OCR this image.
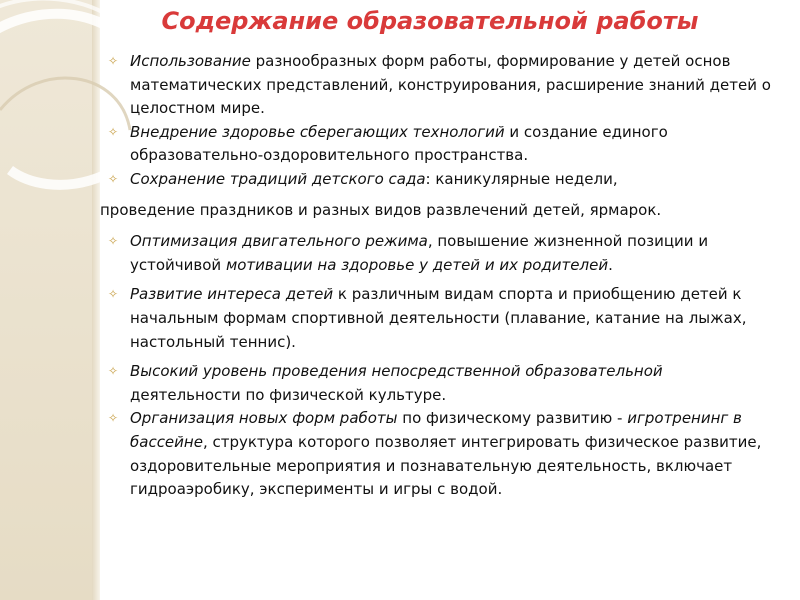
Содержание образовательной работы
✧ Использование разнообразных форм работы, формирование у детей основ математических представлений, конструирования, расширение знаний детей о целостном мире.
✧ Внедрение здоровье сберегающих технологий и создание единого образовательно-оздоровительного пространства.
✧ Сохранение традиций детского сада: каникулярные недели,
проведение праздников и разных видов развлечений детей, ярмарок.
✧ Оптимизация двигательного режима, повышение жизненной позиции и устойчивой мотивации на здоровье у детей и их родителей.
✧ Развитие интереса детей к различным видам спорта и приобщению детей к начальным формам спортивной деятельности (плавание, катание на лыжах, настольный теннис).
✧ Высокий уровень проведения непосредственной образовательной деятельности по физической культуре.
✧ Организация новых форм работы по физическому развитию - игротренинг в бассейне, структура которого позволяет интегрировать физическое развитие, оздоровительные мероприятия и познавательную деятельность, включает гидроаэробику, эксперименты и игры с водой.
